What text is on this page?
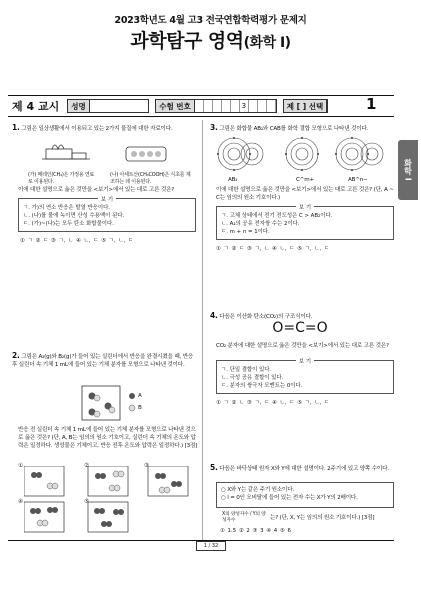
2023학년도 4월 고3 전국연합학력평가 문제지
과학탐구 영역(화학 I)
제 4 교시	성명	수험 번호	3	제 [ ] 선택	1
화학 I
1. 그림은 일상생활에서 이용되고 있는 2가지 물질에 대한 자료이다.
(가) 메테인(CH₄)은 가정용 연료로 이용된다.
(나) 아세트산(CH₃COOH)은 식초를 제조하는 데 이용된다.
이에 대한 설명으로 옳은 것만을 <보기>에서 있는 대로 고른 것은?
ㄱ. 가)의 연소 반응은 발열 반응이다.
ㄴ. (나)를 물에 녹이면 산성 수용액이 된다.
ㄷ. (가)~(나)는 모두 탄소 화합물이다.
보 기
① ㄱ ② ㄷ ③ ㄱ, ㄴ ④ ㄴ, ㄷ ⑤ ㄱ, ㄴ, ㄷ
2. 그림은 A₂(g)와 B₂(g)가 들어 있는 실린더에서 반응을 완결시켰을 때, 반응 후 실린더 속 기체 1 mL에 들어 있는 기체 분자를 모형으로 나타낸 것이다.
A
B
반응 전 실린더 속 기체 1 mL에 들어 있는 기체 분자를 모형으로 나타낸 것으로 옳은 것은? (단, A, B는 임의의 원소 기호이고, 실린더 속 기체의 온도와 압력은 일정하다. 생성물은 기체이고, 반응 전후 온도와 압력은 일정하다.) [3점]
①	②	③
④	⑤
3. 그림은 화합물 AB₂와 CAB를 화학 결합 모형으로 나타낸 것이다.
AB₂	C^m+	AB^n−
이에 대한 설명으로 옳은 것만을 <보기>에서 있는 대로 고른 것은? (단, A ~ C는 임의의 원소 기호이다.)
ㄱ. 고체 상태에서 전기 전도성은 C > AB₂이다.
ㄴ. A₂의 공유 전자쌍 수는 2이다.
ㄷ. m + n = 1이다.
보 기
① ㄱ ② ㄷ ③ ㄱ, ㄴ ④ ㄴ, ㄷ ⑤ ㄱ, ㄴ, ㄷ
4. 다음은 이산화 탄소(CO₂)의 구조식이다.
O=C=O
CO₂ 분자에 대한 설명으로 옳은 것만을 <보기>에서 있는 대로 고른 것은?
ㄱ. 단일 결합이 있다.
ㄴ. 극성 공유 결합이 있다.
ㄷ. 분자의 쌍극자 모멘트는 0이다.
보 기
① ㄱ ② ㄴ ③ ㄱ, ㄷ ④ ㄴ, ㄷ ⑤ ㄱ, ㄴ, ㄷ
5. 다음은 바닥상태 원자 X와 Y에 대한 설명이다. 2주기에 있고 양쪽 수이다.
○ X와 Y는 같은 주기 원소이다.
○ l = 0인 오비탈에 들어 있는 전자 수는 X가 Y의 2배이다.
X의 양성자수 / Y의 양성자수	는? (단, X, Y는 임의의 원소 기호이다.) [3점]
① 1.5 ② 2 ③ 3 ④ 4 ⑤ 6
1 / 32
